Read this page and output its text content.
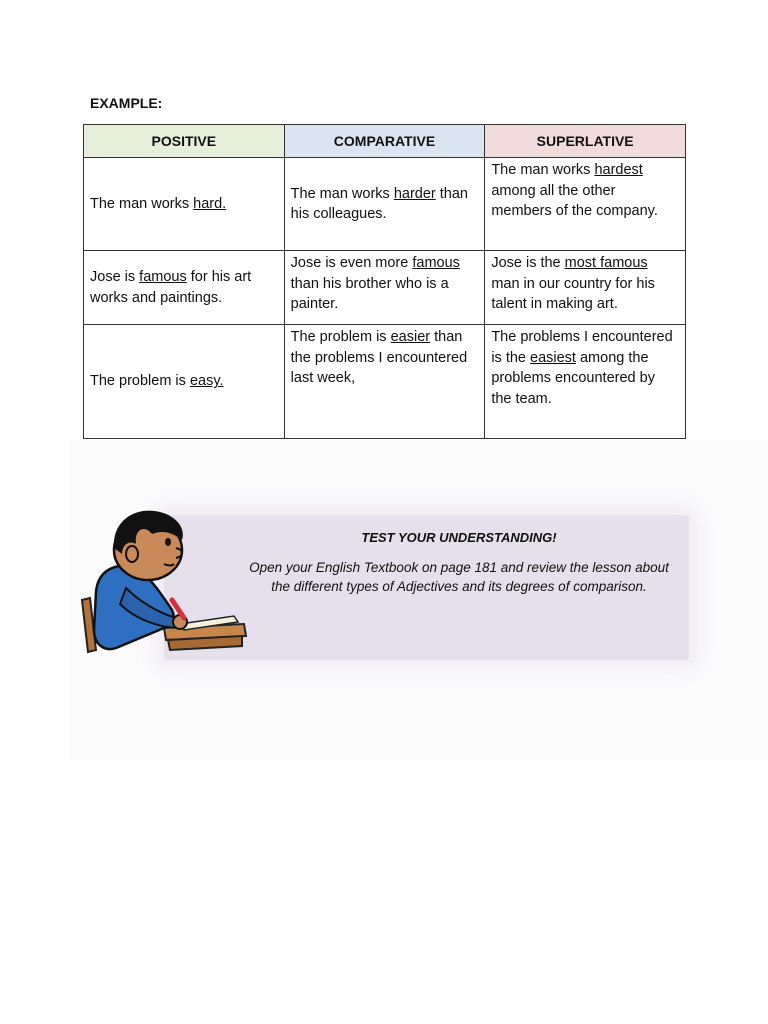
EXAMPLE:
POSITIVE	COMPARATIVE	SUPERLATIVE
The man works hard.	The man works harder than his colleagues.	The man works hardest among all the other members of the company.
Jose is famous for his art works and paintings.	Jose is even more famous than his brother who is a painter.	Jose is the most famous man in our country for his talent in making art.
The problem is easy.	The problem is easier than the problems I encountered last week,	The problems I encountered is the easiest among the problems encountered by the team.
TEST YOUR UNDERSTANDING!
Open your English Textbook on page 181 and review the lesson about the different types of Adjectives and its degrees of comparison.
